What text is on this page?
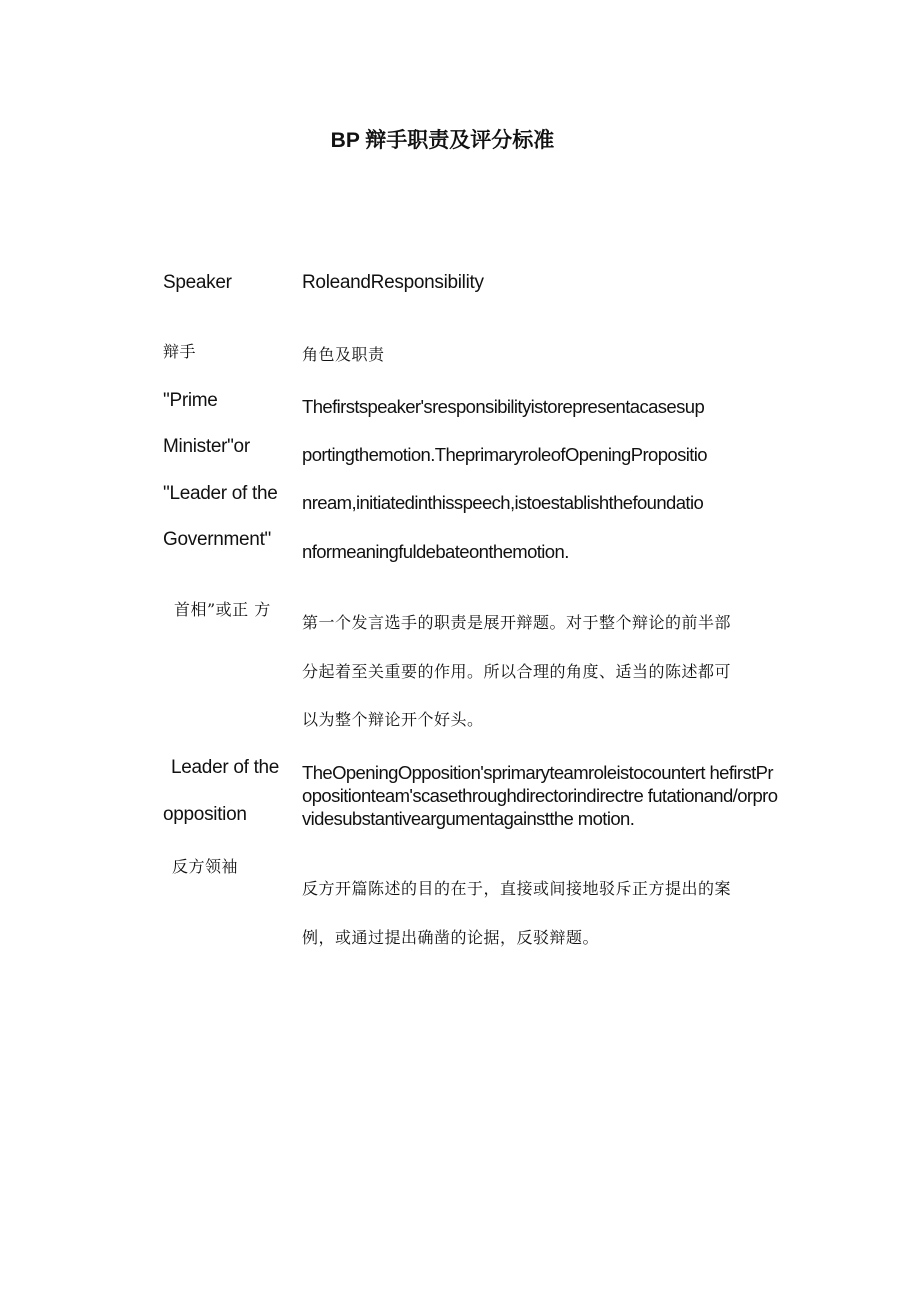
BP 辩手职责及评分标准
Speaker	RoleandResponsibility
辩手	角色及职责
"Prime
Minister"or
"Leader of the
Government"
Thefirstspeaker'sresponsibilityistorepresentacasesup
portingthemotion.TheprimaryroleofOpeningPropositio
nream,initiatedinthisspeech,istoestablishthefoundatio
nformeaningfuldebateonthemotion.
首相”或正 方
第一个发言选手的职责是展开辩题。对于整个辩论的前半部
分起着至关重要的作用。所以合理的角度、适当的陈述都可
以为整个辩论开个好头。
Leader of the
opposition
反方领袖
TheOpeningOpposition'sprimaryteamroleistocountert hefirstPropositionteam'scasethroughdirectorindirectre futationand/orprovidesubstantiveargumentagainstthe motion.
反方开篇陈述的目的在于，直接或间接地驳斥正方提出的案
例，或通过提出确凿的论据，反驳辩题。
